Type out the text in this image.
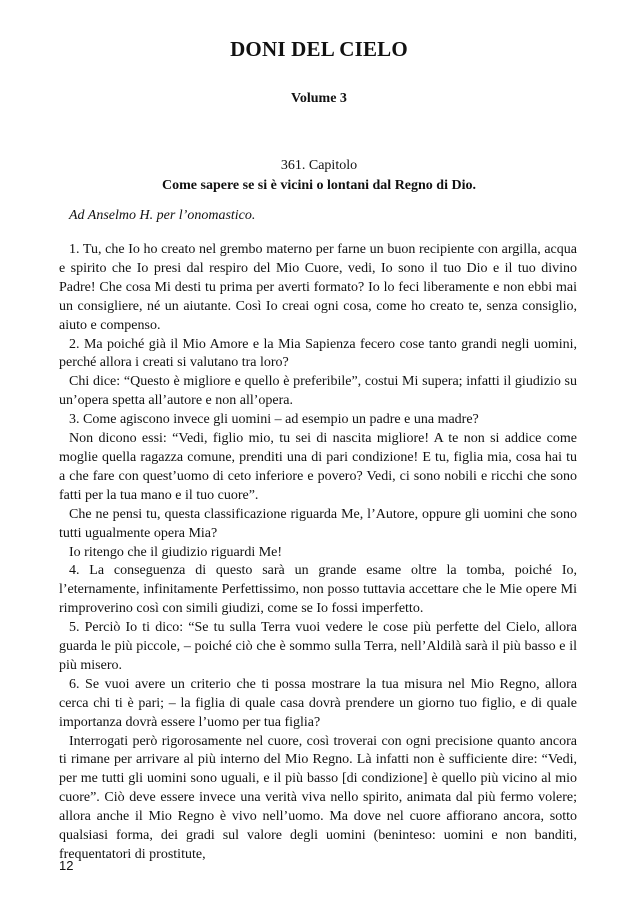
DONI DEL CIELO
Volume 3
361. Capitolo
Come sapere se si è vicini o lontani dal Regno di Dio.
Ad Anselmo H. per l’onomastico.

1. Tu, che Io ho creato nel grembo materno per farne un buon recipiente con argilla, acqua e spirito che Io presi dal respiro del Mio Cuore, vedi, Io sono il tuo Dio e il tuo divino Padre! Che cosa Mi desti tu prima per averti formato? Io lo feci liberamente e non ebbi mai un consigliere, né un aiutante. Così Io creai ogni cosa, come ho creato te, senza consiglio, aiuto e compenso.

2. Ma poiché già il Mio Amore e la Mia Sapienza fecero cose tanto grandi negli uomini, perché allora i creati si valutano tra loro?

Chi dice: “Questo è migliore e quello è preferibile”, costui Mi supera; infatti il giudizio su un’opera spetta all’autore e non all’opera.

3. Come agiscono invece gli uomini – ad esempio un padre e una madre?

Non dicono essi: “Vedi, figlio mio, tu sei di nascita migliore! A te non si addice come moglie quella ragazza comune, prenditi una di pari condizione! E tu, figlia mia, cosa hai tu a che fare con quest’uomo di ceto inferiore e povero? Vedi, ci sono nobili e ricchi che sono fatti per la tua mano e il tuo cuore”.

Che ne pensi tu, questa classificazione riguarda Me, l’Autore, oppure gli uomini che sono tutti ugualmente opera Mia?

Io ritengo che il giudizio riguardi Me!

4. La conseguenza di questo sarà un grande esame oltre la tomba, poiché Io, l’eternamente, infinitamente Perfettissimo, non posso tuttavia accettare che le Mie opere Mi rimproverino così con simili giudizi, come se Io fossi imperfetto.

5. Perciò Io ti dico: “Se tu sulla Terra vuoi vedere le cose più perfette del Cielo, allora guarda le più piccole, – poiché ciò che è sommo sulla Terra, nell’Aldilà sarà il più basso e il più misero.

6. Se vuoi avere un criterio che ti possa mostrare la tua misura nel Mio Regno, allora cerca chi ti è pari; – la figlia di quale casa dovrà prendere un giorno tuo figlio, e di quale importanza dovrà essere l’uomo per tua figlia?

Interrogati però rigorosamente nel cuore, così troverai con ogni precisione quanto ancora ti rimane per arrivare al più interno del Mio Regno. Là infatti non è sufficiente dire: “Vedi, per me tutti gli uomini sono uguali, e il più basso [di condizione] è quello più vicino al mio cuore”. Ciò deve essere invece una verità viva nello spirito, animata dal più fermo volere; allora anche il Mio Regno è vivo nell’uomo. Ma dove nel cuore affiorano ancora, sotto qualsiasi forma, dei gradi sul valore degli uomini (beninteso: uomini e non banditi, frequentatori di prostitute,

12
